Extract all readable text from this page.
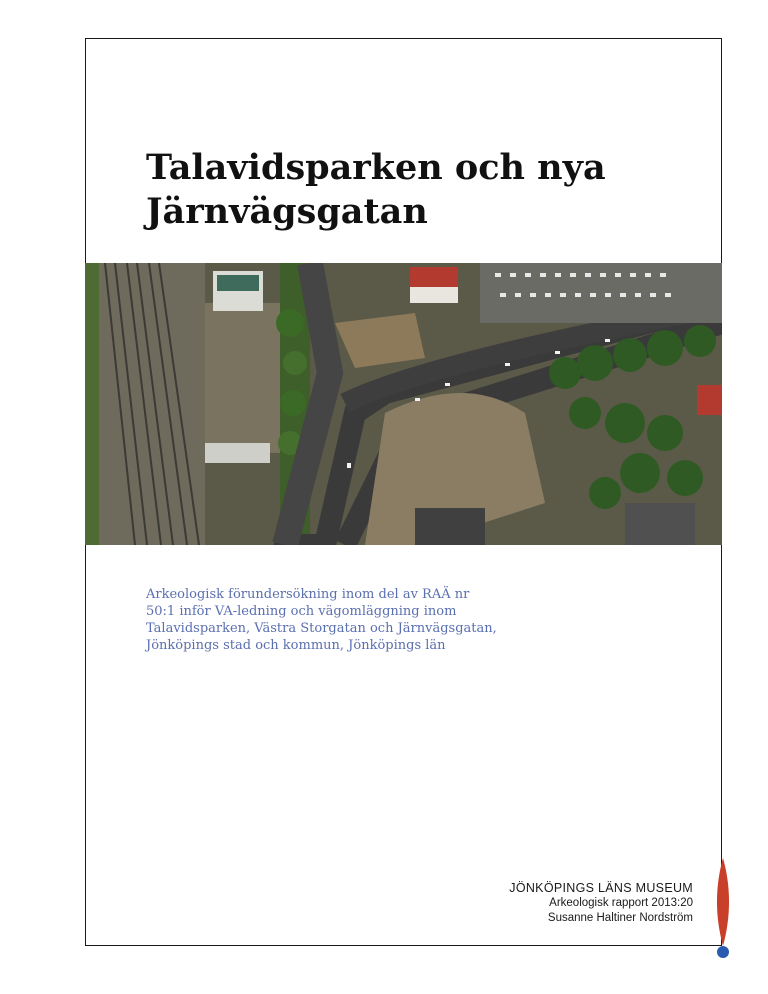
Talavidsparken och nya
Järnvägsgatan
Arkeologisk förundersökning inom del av RAÄ nr
50:1 inför VA-ledning och vägomläggning inom
Talavidsparken, Västra Storgatan och Järnvägsgatan,
Jönköpings stad och kommun, Jönköpings län
JÖNKÖPINGS LÄNS MUSEUM
Arkeologisk rapport 2013:20
Susanne Haltiner Nordström
